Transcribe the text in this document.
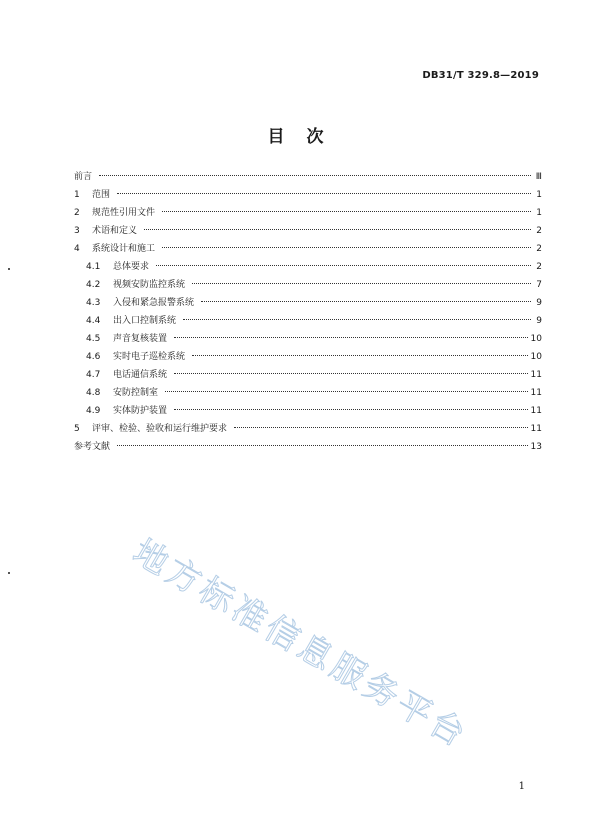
DB31/T 329.8—2019
目次
前言	Ⅲ
1	范围	1
2	规范性引用文件	1
3	术语和定义	2
4	系统设计和施工	2
4.1	总体要求	2
4.2	视频安防监控系统	7
4.3	入侵和紧急报警系统	9
4.4	出入口控制系统	9
4.5	声音复核装置	10
4.6	实时电子巡检系统	10
4.7	电话通信系统	11
4.8	安防控制室	11
4.9	实体防护装置	11
5	评审、检验、验收和运行维护要求	11
参考文献	13
地方标准信息服务平台
1
